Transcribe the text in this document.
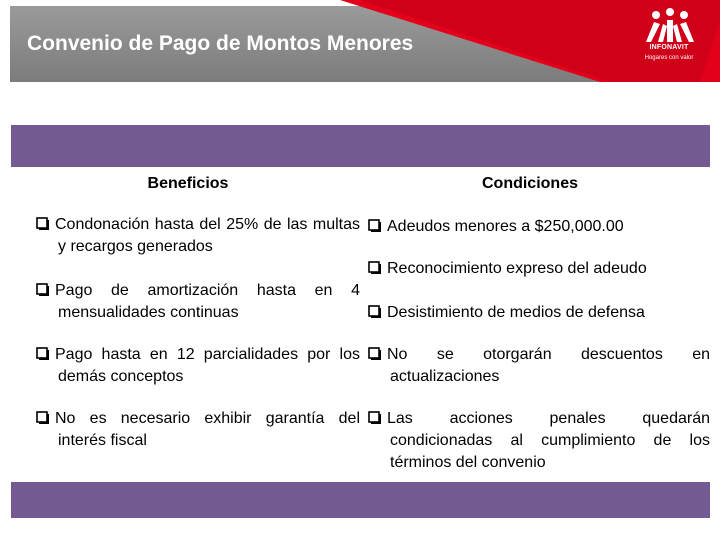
Convenio de Pago de Montos Menores	INFONAVIT
Hogares con valor
Beneficios	Condiciones
Condonación hasta del 25% de las multas y recargos generados
Pago de amortización hasta en 4 mensualidades continuas
Pago hasta en 12 parcialidades por los demás conceptos
No es necesario exhibir garantía del interés fiscal
Adeudos menores a $250,000.00
Reconocimiento expreso del adeudo
Desistimiento de medios de defensa
No se otorgarán descuentos en actualizaciones
Las acciones penales quedarán condicionadas al cumplimiento de los términos del convenio
